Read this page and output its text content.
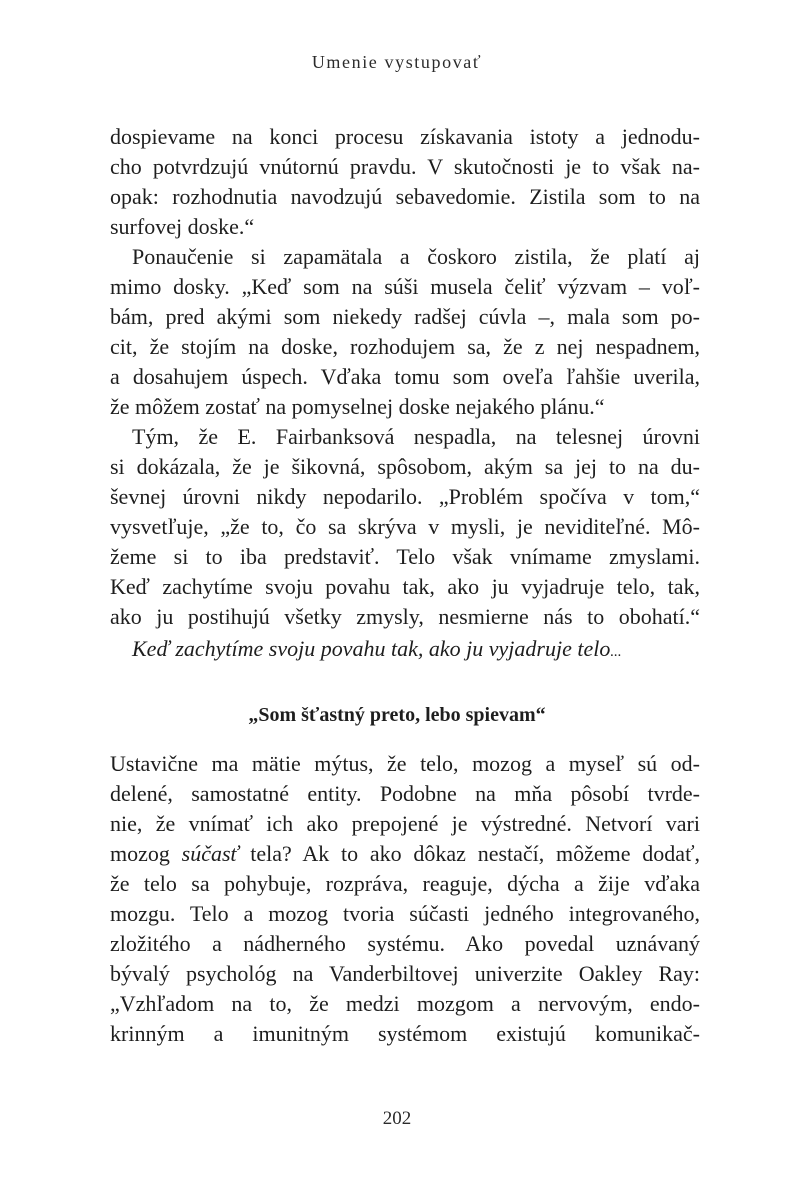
Umenie vystupovať
dospievame na konci procesu získavania istoty a jednodu-
cho potvrdzujú vnútornú pravdu. V skutočnosti je to však na-
opak: rozhodnutia navodzujú sebavedomie. Zistila som to na
surfovej doske.“
Ponaučenie si zapamätala a čoskoro zistila, že platí aj
mimo dosky. „Keď som na súši musela čeliť výzvam – voľ-
bám, pred akými som niekedy radšej cúvla –, mala som po-
cit, že stojím na doske, rozhodujem sa, že z nej nespadnem,
a dosahujem úspech. Vďaka tomu som oveľa ľahšie uverila,
že môžem zostať na pomyselnej doske nejakého plánu.“
Tým, že E. Fairbanksová nespadla, na telesnej úrovni
si dokázala, že je šikovná, spôsobom, akým sa jej to na du-
ševnej úrovni nikdy nepodarilo. „Problém spočíva v tom,“
vysvetľuje, „že to, čo sa skrýva v mysli, je neviditeľné. Mô-
žeme si to iba predstaviť. Telo však vnímame zmyslami.
Keď zachytíme svoju povahu tak, ako ju vyjadruje telo, tak,
ako ju postihujú všetky zmysly, nesmierne nás to obohatí.“
Keď zachytíme svoju povahu tak, ako ju vyjadruje telo...
„Som šťastný preto, lebo spievam“
Ustavične ma mätie mýtus, že telo, mozog a myseľ sú od-
delené, samostatné entity. Podobne na mňa pôsobí tvrde-
nie, že vnímať ich ako prepojené je výstredné. Netvorí vari
mozog súčasť tela? Ak to ako dôkaz nestačí, môžeme dodať,
že telo sa pohybuje, rozpráva, reaguje, dýcha a žije vďaka
mozgu. Telo a mozog tvoria súčasti jedného integrovaného,
zložitého a nádherného systému. Ako povedal uznávaný
bývalý psychológ na Vanderbiltovej univerzite Oakley Ray:
„Vzhľadom na to, že medzi mozgom a nervovým, endo-
krinným a imunitným systémom existujú komunikač-
202
